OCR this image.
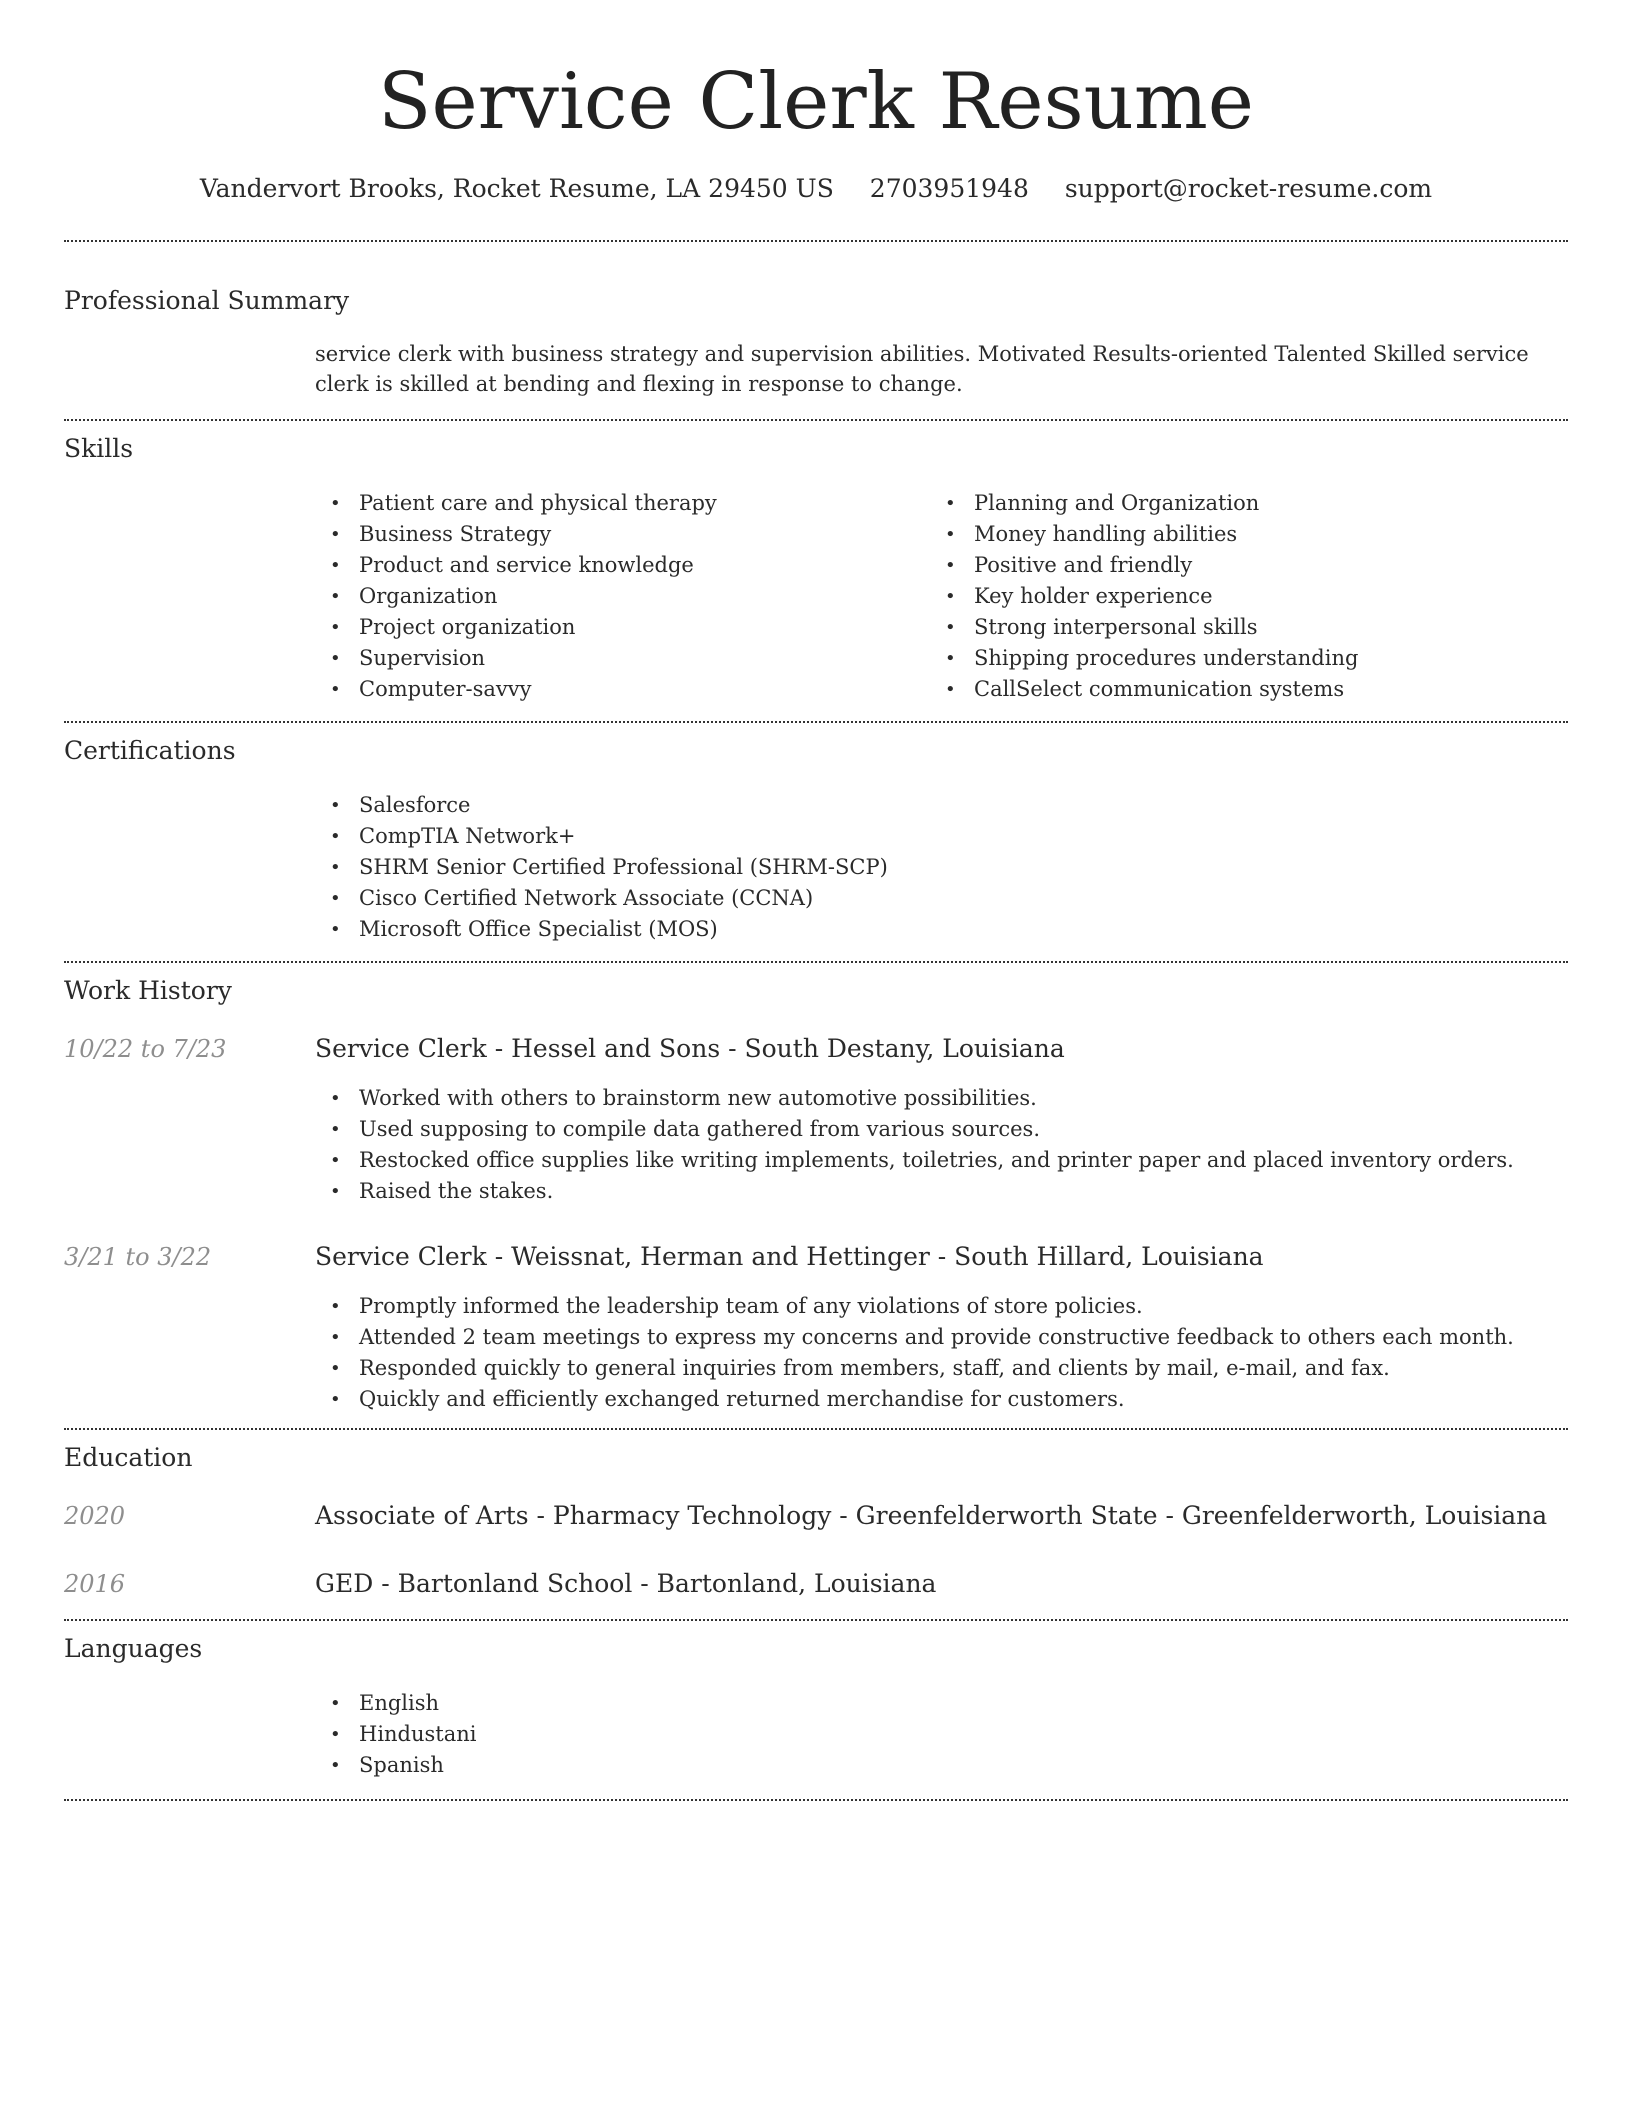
Service Clerk Resume
Vandervort Brooks, Rocket Resume, LA 29450 US 2703951948 support@rocket-resume.com
Professional Summary
service clerk with business strategy and supervision abilities. Motivated Results-oriented Talented Skilled service clerk is skilled at bending and flexing in response to change.
Skills
• Patient care and physical therapy
• Business Strategy
• Product and service knowledge
• Organization
• Project organization
• Supervision
• Computer-savvy
• Planning and Organization
• Money handling abilities
• Positive and friendly
• Key holder experience
• Strong interpersonal skills
• Shipping procedures understanding
• CallSelect communication systems
Certifications
• Salesforce
• CompTIA Network+
• SHRM Senior Certified Professional (SHRM-SCP)
• Cisco Certified Network Associate (CCNA)
• Microsoft Office Specialist (MOS)
Work History
10/22 to 7/23	Service Clerk - Hessel and Sons - South Destany, Louisiana
• Worked with others to brainstorm new automotive possibilities.
• Used supposing to compile data gathered from various sources.
• Restocked office supplies like writing implements, toiletries, and printer paper and placed inventory orders.
• Raised the stakes.
3/21 to 3/22	Service Clerk - Weissnat, Herman and Hettinger - South Hillard, Louisiana
• Promptly informed the leadership team of any violations of store policies.
• Attended 2 team meetings to express my concerns and provide constructive feedback to others each month.
• Responded quickly to general inquiries from members, staff, and clients by mail, e-mail, and fax.
• Quickly and efficiently exchanged returned merchandise for customers.
Education
2020	Associate of Arts - Pharmacy Technology - Greenfelderworth State - Greenfelderworth, Louisiana
2016	GED - Bartonland School - Bartonland, Louisiana
Languages
• English
• Hindustani
• Spanish
